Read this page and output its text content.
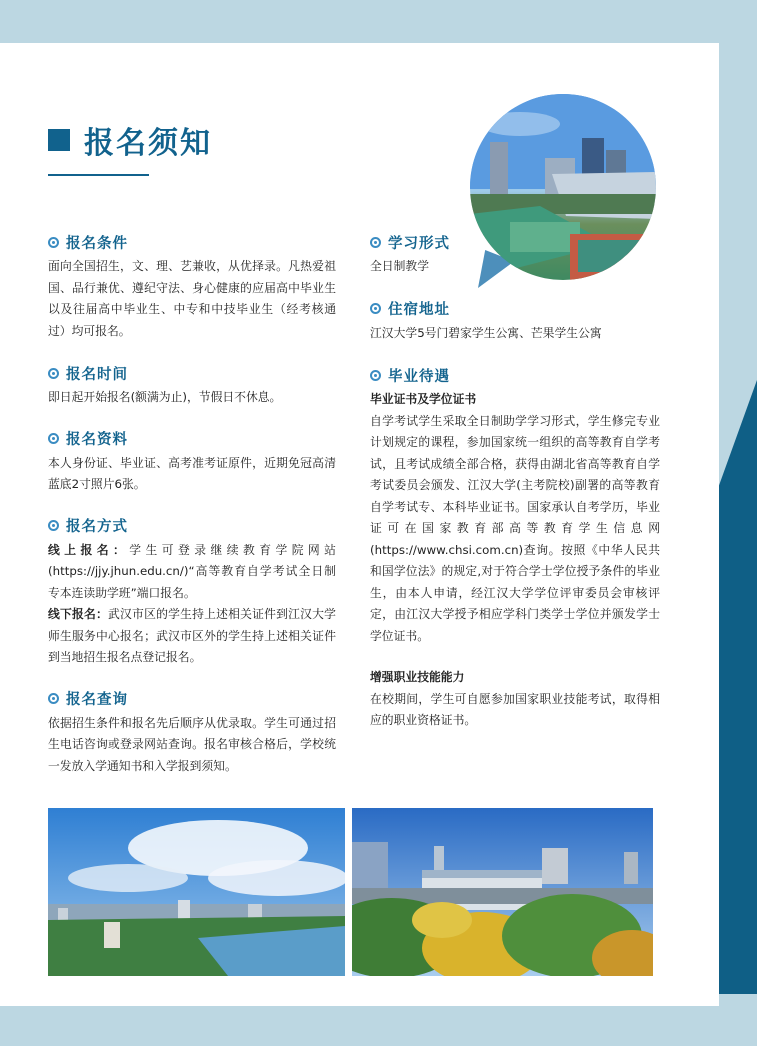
报名须知
报名条件

面向全国招生，文、理、艺兼收，从优择录。凡热爱祖国、品行兼优、遵纪守法、身心健康的应届高中毕业生以及往届高中毕业生、中专和中技毕业生（经考核通过）均可报名。

报名时间

即日起开始报名(额满为止)，节假日不休息。

报名资料

本人身份证、毕业证、高考准考证原件，近期免冠高清蓝底2寸照片6张。

报名方式

线上报名：学生可登录继续教育学院网站(https://jjy.jhun.edu.cn/)“高等教育自学考试全日制专本连读助学班”端口报名。

线下报名：武汉市区的学生持上述相关证件到江汉大学师生服务中心报名；武汉市区外的学生持上述相关证件到当地招生报名点登记报名。

报名查询

依据招生条件和报名先后顺序从优录取。学生可通过招生电话咨询或登录网站查询。报名审核合格后，学校统一发放入学通知书和入学报到须知。

学习形式

全日制教学

住宿地址

江汉大学5号门碧家学生公寓、芒果学生公寓

毕业待遇

毕业证书及学位证书

自学考试学生采取全日制助学学习形式，学生修完专业计划规定的课程，参加国家统一组织的高等教育自学考试，且考试成绩全部合格，获得由湖北省高等教育自学考试委员会颁发、江汉大学(主考院校)副署的高等教育自学考试专、本科毕业证书。国家承认自考学历，毕业证可在国家教育部高等教育学生信息网(https://www.chsi.com.cn)查询。按照《中华人民共和国学位法》的规定,对于符合学士学位授予条件的毕业生，由本人申请，经江汉大学学位评审委员会审核评定，由江汉大学授予相应学科门类学士学位并颁发学士学位证书。

增强职业技能能力

在校期间，学生可自愿参加国家职业技能考试，取得相应的职业资格证书。
